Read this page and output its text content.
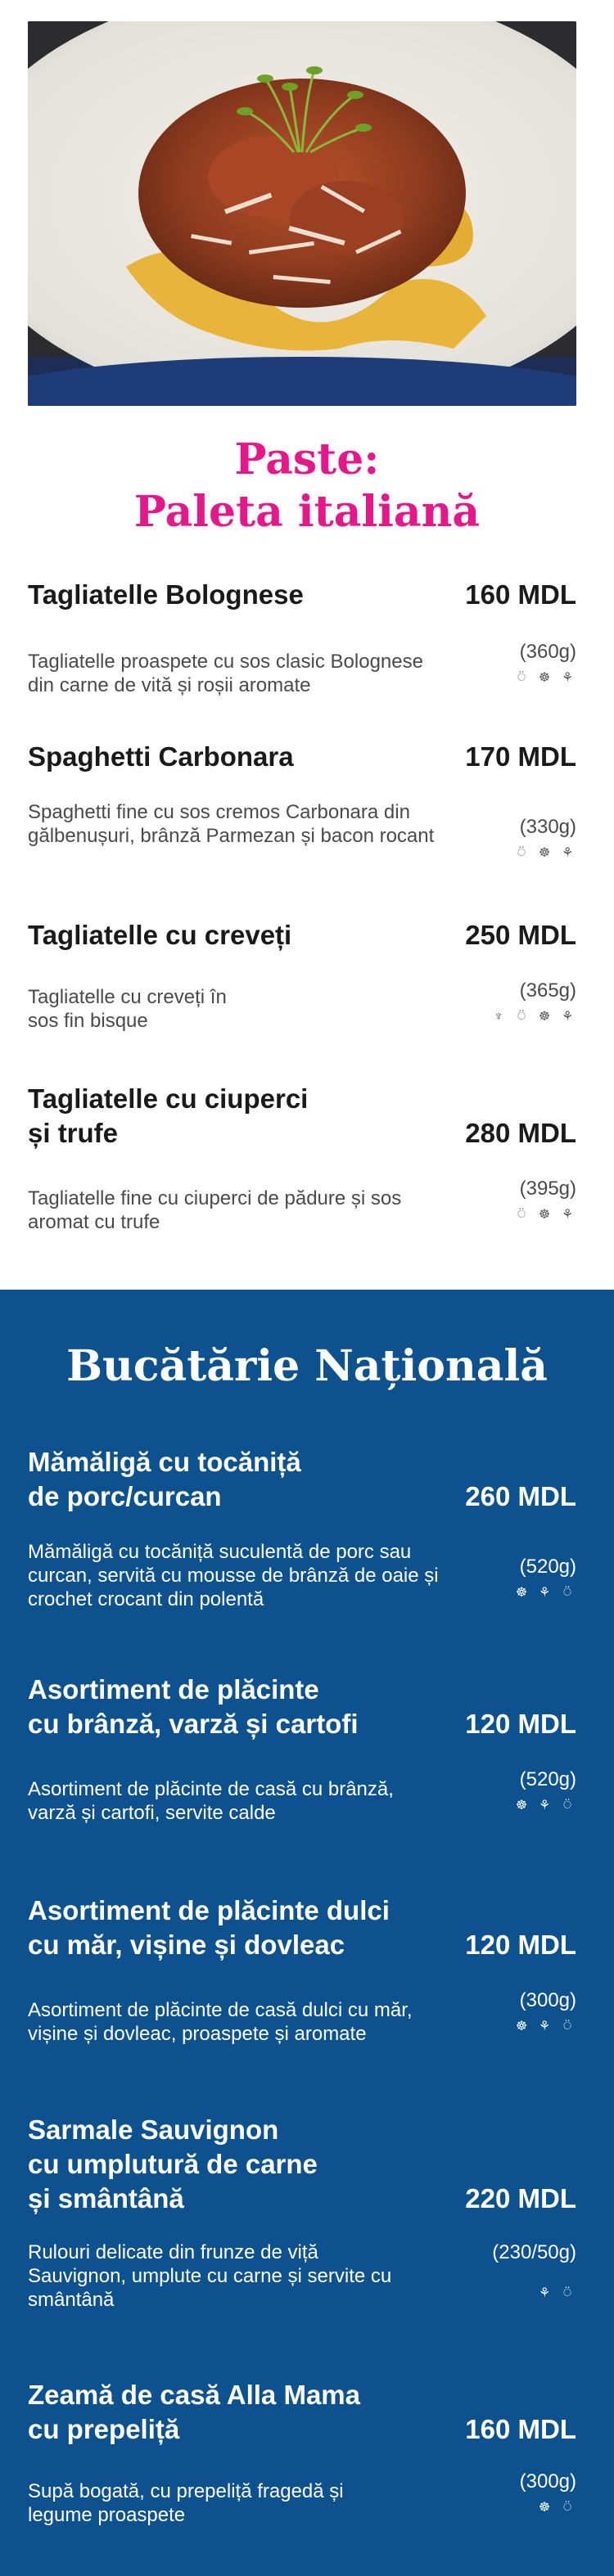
Paste:
Paleta italiană
Tagliatelle Bolognese	160 MDL
Tagliatelle proaspete cu sos clasic Bolognese din carne de vită și roșii aromate
(360g)
⍥	☸ ⚘
Spaghetti Carbonara	170 MDL
Spaghetti fine cu sos cremos Carbonara din gălbenușuri, brânză Parmezan și bacon rocant	(330g)
⍥	☸ ⚘
Tagliatelle cu creveți	250 MDL
Tagliatelle cu creveți în sos fin bisque
(365g)
♆	⍥	☸ ⚘
Tagliatelle cu ciuperci
și trufe	280 MDL
Tagliatelle fine cu ciuperci de pădure și sos aromat cu trufe
(395g)
⍥	☸ ⚘
Bucătărie Națională
Mămăligă cu tocăniță
de porc/curcan	260 MDL
Mămăligă cu tocăniță suculentă de porc sau curcan, servită cu mousse de brânză de oaie și crochet crocant din polentă
(520g)
☸ ⚘	⍥
Asortiment de plăcinte
cu brânză, varză și cartofi	120 MDL
Asortiment de plăcinte de casă cu brânză, varză și cartofi, servite calde
(520g)
☸ ⚘	⍥
Asortiment de plăcinte dulci
cu măr, vișine și dovleac	120 MDL
Asortiment de plăcinte de casă dulci cu măr, vișine și dovleac, proaspete și aromate
(300g)
☸ ⚘	⍥
Sarmale Sauvignon
cu umplutură de carne
și smântână	220 MDL
Rulouri delicate din frunze de viță Sauvignon, umplute cu carne și servite cu smântână
(230/50g)
⚘	⍥
Zeamă de casă Alla Mama
cu prepeliță	160 MDL
Supă bogată, cu prepeliță fragedă și legume proaspete
(300g)
☸	⍥
